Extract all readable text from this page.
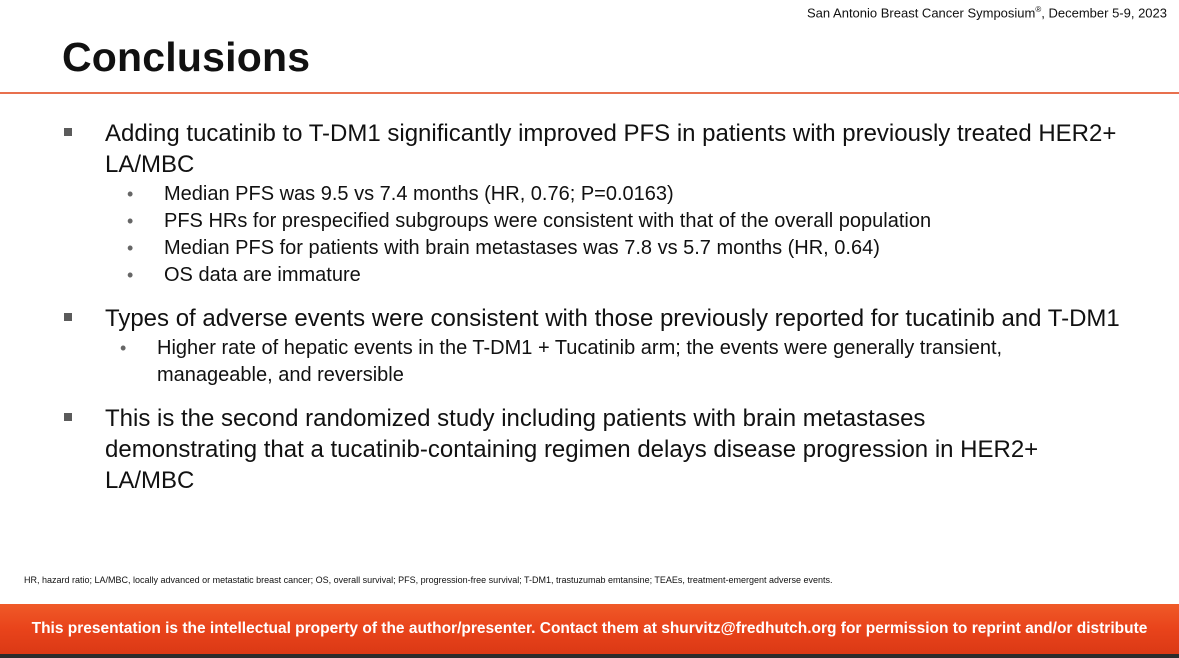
San Antonio Breast Cancer Symposium®, December 5-9, 2023
Conclusions
Adding tucatinib to T-DM1 significantly improved PFS in patients with previously treated HER2+ LA/MBC
• Median PFS was 9.5 vs 7.4 months (HR, 0.76; P=0.0163)
• PFS HRs for prespecified subgroups were consistent with that of the overall population
• Median PFS for patients with brain metastases was 7.8 vs 5.7 months (HR, 0.64)
• OS data are immature
Types of adverse events were consistent with those previously reported for tucatinib and T-DM1
• Higher rate of hepatic events in the T-DM1 + Tucatinib arm; the events were generally transient, manageable, and reversible
This is the second randomized study including patients with brain metastases demonstrating that a tucatinib-containing regimen delays disease progression in HER2+ LA/MBC
HR, hazard ratio; LA/MBC, locally advanced or metastatic breast cancer; OS, overall survival; PFS, progression-free survival; T-DM1, trastuzumab emtansine; TEAEs, treatment-emergent adverse events.
This presentation is the intellectual property of the author/presenter. Contact them at shurvitz@fredhutch.org for permission to reprint and/or distribute
